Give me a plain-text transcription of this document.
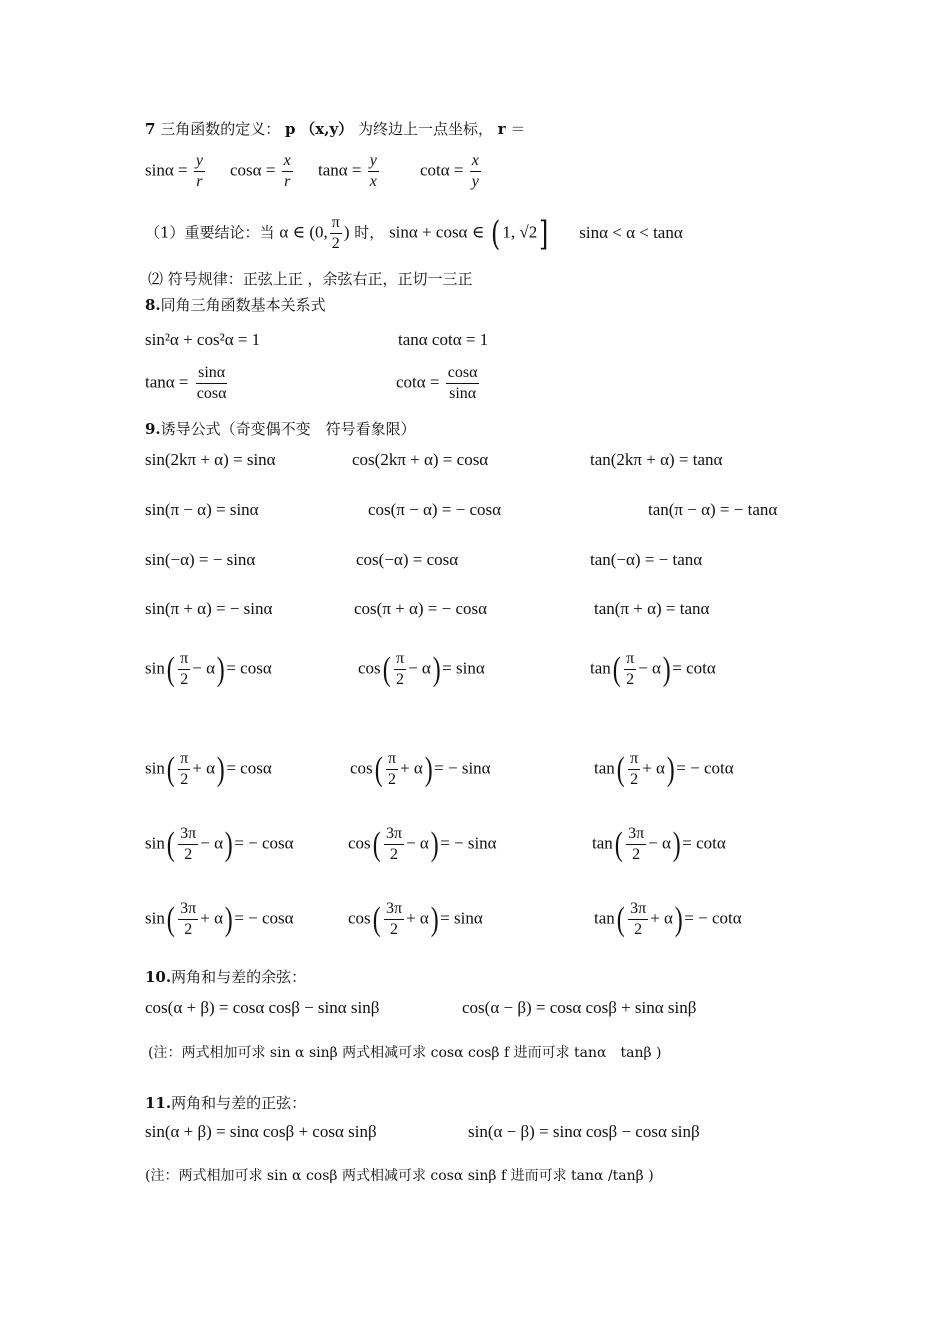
7 三角函数的定义： p （x,y） 为终边上一点坐标， r ＝
$\sin\alpha = \frac{y}{r}$ $\cos\alpha = \frac{x}{r}$ $\tan\alpha = \frac{y}{x}$ $\cot\alpha = \frac{x}{y}$
（1）重要结论：当 α ∈ (0, $\frac{\pi}{2}$ ) 时， sinα + cosα ∈ ( 1, √2] sinα < α < tanα
⑵ 符号规律：正弦上正 ，余弦右正，正切一三正
8.同角三角函数基本关系式
sin²α + cos²α = 1	tanα cotα = 1
$\tan\alpha = \frac{\sin\alpha}{\cos\alpha}$	$\cot\alpha = \frac{\cos\alpha}{\sin\alpha}$
9.诱导公式（奇变偶不变　符号看象限）
sin(2kπ + α) = sinα	cos(2kπ + α) = cosα	tan(2kπ + α) = tanα
sin(π − α) = sinα	cos(π − α) = − cosα	tan(π − α) = − tanα
sin(−α) = − sinα	cos(−α) = cosα	tan(−α) = − tanα
sin(π + α) = − sinα	cos(π + α) = − cosα	tan(π + α) = tanα
$\sin( \frac{\pi}{2} - \alpha)= \cos\alpha$	$\cos( \frac{\pi}{2} - \alpha)= \sin\alpha$	$\tan( \frac{\pi}{2} - \alpha)= \cot\alpha$
$\sin( \frac{\pi}{2} + \alpha)= \cos\alpha$	$\cos( \frac{\pi}{2} + \alpha)= - \sin\alpha$	$\tan( \frac{\pi}{2} + \alpha)= - \cot\alpha$
$\sin( \frac{3\pi}{2} - \alpha)= - \cos\alpha$	$\cos( \frac{3\pi}{2} - \alpha)= - \sin\alpha$	$\tan( \frac{3\pi}{2} - \alpha)= \cot\alpha$
$\sin( \frac{3\pi}{2} + \alpha)= - \cos\alpha$	$\cos( \frac{3\pi}{2} + \alpha)= \sin\alpha$	$\tan( \frac{3\pi}{2} + \alpha)= - \cot\alpha$
10.两角和与差的余弦：
cos(α + β) = cosα cosβ − sinα sinβ	cos(α − β) = cosα cosβ + sinα sinβ
(注：两式相加可求 sin α sinβ 两式相减可求 cosα cosβ f 进而可求 tanα　tanβ )
11.两角和与差的正弦：
sin(α + β) = sinα cosβ + cosα sinβ	sin(α − β) = sinα cosβ − cosα sinβ
(注：两式相加可求 sin α cosβ 两式相减可求 cosα sinβ f 进而可求 tanα /tanβ )
